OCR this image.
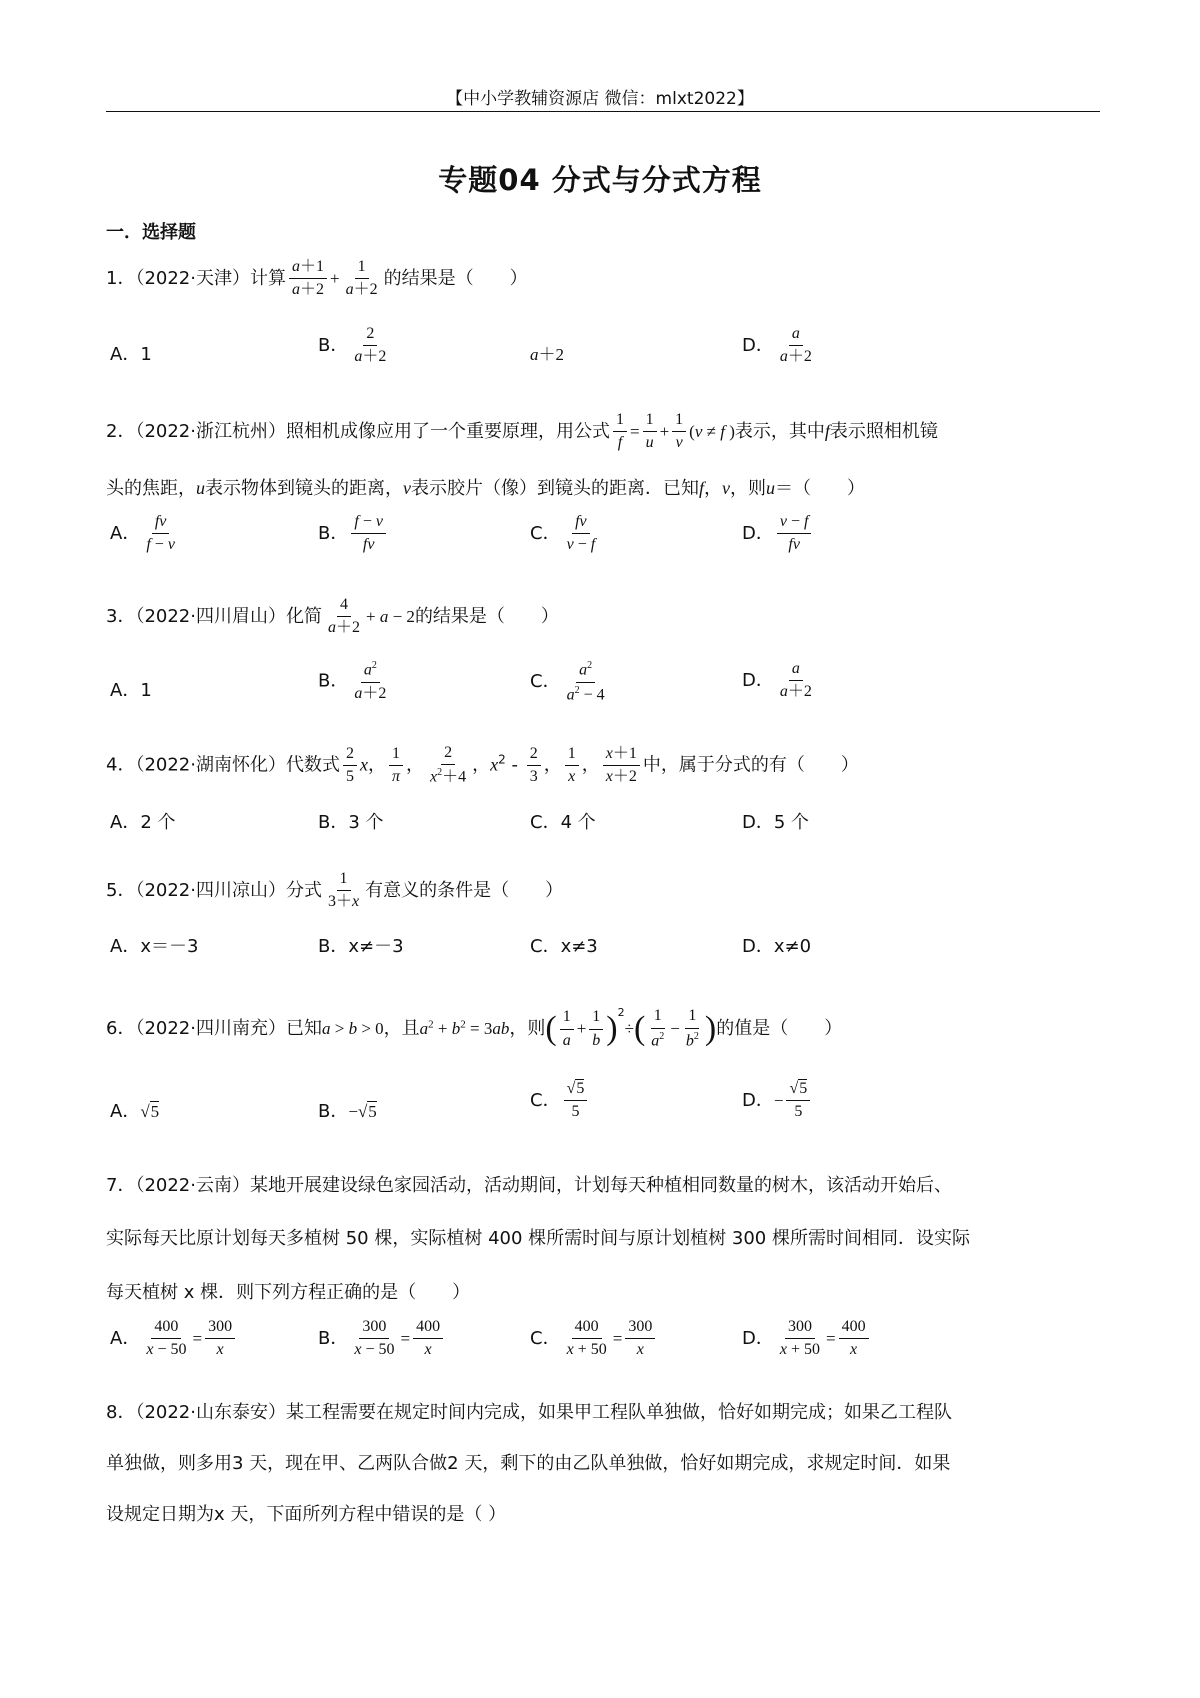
【中小学教辅资源店 微信：mlxt2022】
专题04 分式与分式方程
一．选择题
1．（2022·天津）计算 $\frac{a+1}{a+2} + \frac{1}{a+2}$ 的结果是（　　）
A．1	B． $\frac{2}{a+2}$	a＋2	D． $\frac{a}{a+2}$
2．（2022·浙江杭州）照相机成像应用了一个重要原理，用公式 $\frac{1}{f} = \frac{1}{u} + \frac{1}{v} (v \ne f$ )表示，其中f表示照相机镜
头的焦距，u表示物体到镜头的距离，v表示胶片（像）到镜头的距离．已知f，v，则u＝（　　）
A． $\frac{fv}{f - v}$	B． $\frac{f - v}{fv}$	C． $\frac{fv}{v - f}$	D． $\frac{v - f}{fv}$
3．（2022·四川眉山）化简 $\frac{4}{a+2} + a - 2$的结果是（　　）
A．1	B． $\frac{a^2}{a+2}$	C． $\frac{a^2}{a^2 - 4}$	D． $\frac{a}{a+2}$
4．（2022·湖南怀化）代数式 $\frac{2}{5}$ x， $\frac{1}{\pi}$ ， $\frac{2}{x^2+4}$ ，$x^2 - \frac{2}{3}$ ， $\frac{1}{x}$ ， $\frac{x+1}{x+2}$ 中，属于分式的有（　　）
A．2 个	B．3 个	C．4 个	D．5 个
5．（2022·四川凉山）分式 $\frac{1}{3+x}$ 有意义的条件是（　　）
A．x＝－3	B．x≠－3	C．x≠3	D．x≠0
6．（2022·四川南充）已知a > b > 0，且$a^2 + b^2 = 3ab$，则( $\frac{1}{a} + \frac{1}{b} )^2\div( \frac{1}{a^2} - \frac{1}{b^2}$ )的值是（　　）
A．√5	B．−√5
C． $\frac{√5}{5}$	D．− $\frac{√5}{5}$
7．（2022·云南）某地开展建设绿色家园活动，活动期间，计划每天种植相同数量的树木，该活动开始后、
实际每天比原计划每天多植树 50 棵，实际植树 400 棵所需时间与原计划植树 300 棵所需时间相同．设实际
每天植树 x 棵．则下列方程正确的是（　　）
A． $\frac{400}{x - 50} = \frac{300}{x}$	B． $\frac{300}{x - 50} = \frac{400}{x}$	C． $\frac{400}{x + 50} = \frac{300}{x}$	D． $\frac{300}{x + 50} = \frac{400}{x}$
8．（2022·山东泰安）某工程需要在规定时间内完成，如果甲工程队单独做，恰好如期完成；如果乙工程队
单独做，则多用3 天，现在甲、乙两队合做2 天，剩下的由乙队单独做，恰好如期完成，求规定时间．如果
设规定日期为x 天，下面所列方程中错误的是（ ）
